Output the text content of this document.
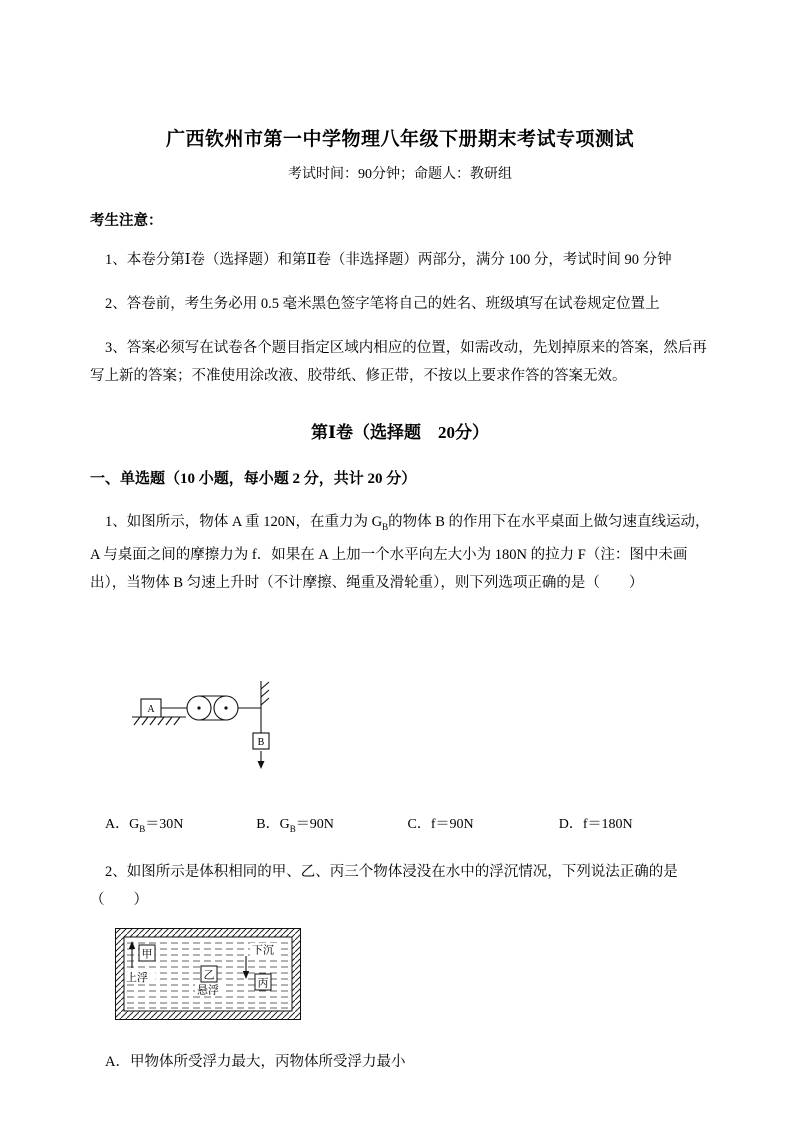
广西钦州市第一中学物理八年级下册期末考试专项测试
考试时间：90分钟；命题人：教研组
考生注意：

1、本卷分第Ⅰ卷（选择题）和第Ⅱ卷（非选择题）两部分，满分 100 分，考试时间 90 分钟

2、答卷前，考生务必用 0.5 毫米黑色签字笔将自己的姓名、班级填写在试卷规定位置上

3、答案必须写在试卷各个题目指定区域内相应的位置，如需改动，先划掉原来的答案，然后再写上新的答案；不准使用涂改液、胶带纸、修正带，不按以上要求作答的答案无效。

第Ⅰ卷（选择题　20分）
一、单选题（10 小题，每小题 2 分，共计 20 分）

1、如图所示，物体 A 重 120N，在重力为 $G_B$的物体 B 的作用下在水平桌面上做匀速直线运动，A 与桌面之间的摩擦力为 f．如果在 A 上加一个水平向左大小为 180N 的拉力 F（注：图中未画出），当物体 B 匀速上升时（不计摩擦、绳重及滑轮重），则下列选项正确的是（　　）

A
B
A．$G_B=30N$	B．$G_B=90N$	C．f＝90N	D．f＝180N

2、如图所示是体积相同的甲、乙、丙三个物体浸没在水中的浮沉情况，下列说法正确的是（　　）

甲
上浮	乙
悬浮
下沉
丙

A．甲物体所受浮力最大，丙物体所受浮力最小
